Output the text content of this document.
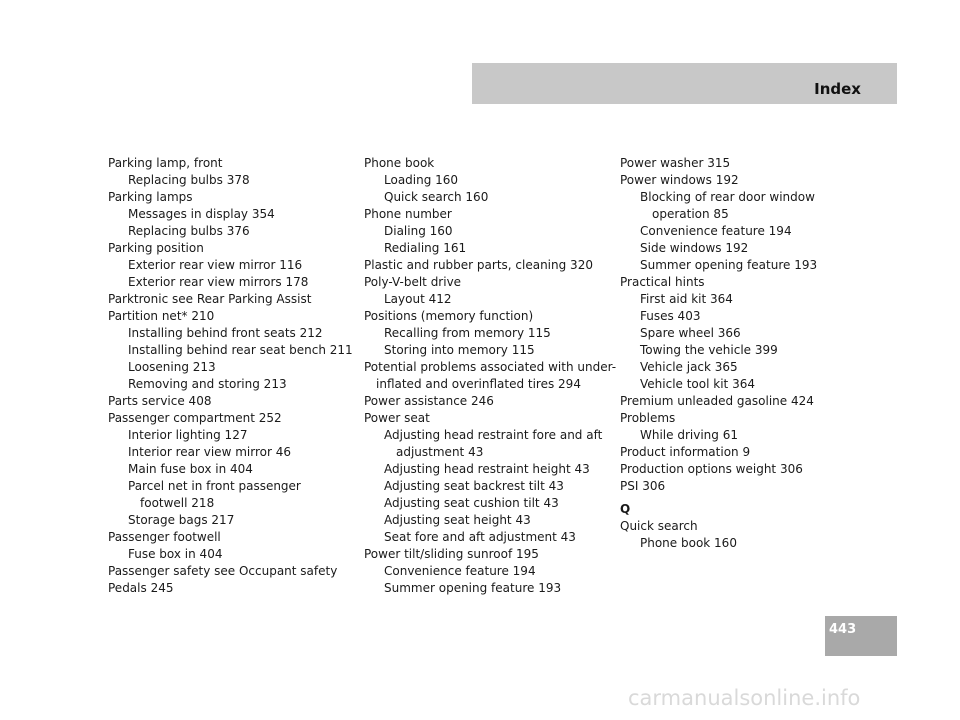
Index
Parking lamp, front
Replacing bulbs 378
Parking lamps
Messages in display 354
Replacing bulbs 376
Parking position
Exterior rear view mirror 116
Exterior rear view mirrors 178
Parktronic see Rear Parking Assist
Partition net* 210
Installing behind front seats 212
Installing behind rear seat bench 211
Loosening 213
Removing and storing 213
Parts service 408
Passenger compartment 252
Interior lighting 127
Interior rear view mirror 46
Main fuse box in 404
Parcel net in front passenger
footwell 218
Storage bags 217
Passenger footwell
Fuse box in 404
Passenger safety see Occupant safety
Pedals 245
Phone book
Loading 160
Quick search 160
Phone number
Dialing 160
Redialing 161
Plastic and rubber parts, cleaning 320
Poly-V-belt drive
Layout 412
Positions (memory function)
Recalling from memory 115
Storing into memory 115
Potential problems associated with under-
inflated and overinflated tires 294
Power assistance 246
Power seat
Adjusting head restraint fore and aft
adjustment 43
Adjusting head restraint height 43
Adjusting seat backrest tilt 43
Adjusting seat cushion tilt 43
Adjusting seat height 43
Seat fore and aft adjustment 43
Power tilt/sliding sunroof 195
Convenience feature 194
Summer opening feature 193
Power washer 315
Power windows 192
Blocking of rear door window
operation 85
Convenience feature 194
Side windows 192
Summer opening feature 193
Practical hints
First aid kit 364
Fuses 403
Spare wheel 366
Towing the vehicle 399
Vehicle jack 365
Vehicle tool kit 364
Premium unleaded gasoline 424
Problems
While driving 61
Product information 9
Production options weight 306
PSI 306
Q
Quick search
Phone book 160
443
carmanualsonline.info
